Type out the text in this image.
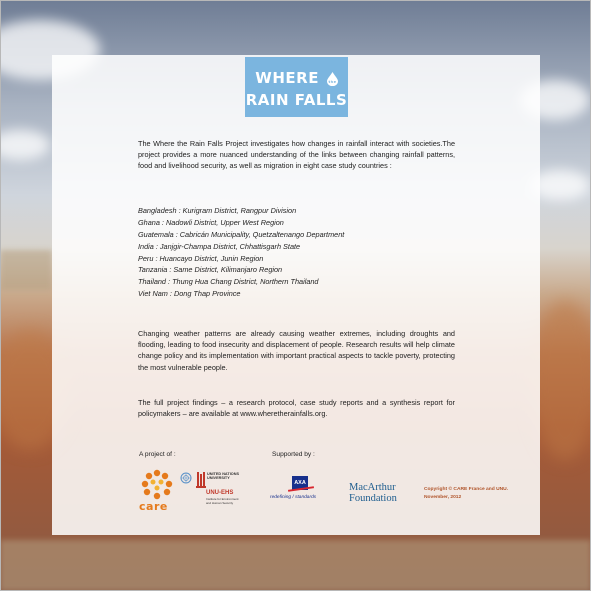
WHERE	the
RAIN FALLS
The Where the Rain Falls Project investigates how changes in rainfall interact with societies.The project provides a more nuanced understanding of the links between changing rainfall patterns, food and livelihood security, as well as migration in eight case study countries :
Bangladesh : Kurigram District, Rangpur Division
Ghana : Nadowli District, Upper West Region
Guatemala : Cabricán Municipality, Quetzaltenango Department
India : Janjgir-Champa District, Chhattisgarh State
Peru : Huancayo District, Junin Region
Tanzania : Same District, Kilimanjaro Region
Thailand : Thung Hua Chang District, Northern Thailand
Viet Nam : Dong Thap Province
Changing weather patterns are already causing weather extremes, including droughts and flooding, leading to food insecurity and displacement of people. Research results will help climate change policy and its implementation with important practical aspects to tackle poverty, protecting the most vulnerable people.
The full project findings – a research protocol, case study reports and a synthesis report for policymakers – are available at www.wheretherainfalls.org.
A project of :	Supported by :
care
UNITED NATIONS
UNIVERSITY
UNU-EHS
Institute for Environment
and Human Security
AXA
redefining / standards
MacArthur
Foundation
Copyright © CARE France and UNU.
November, 2012
